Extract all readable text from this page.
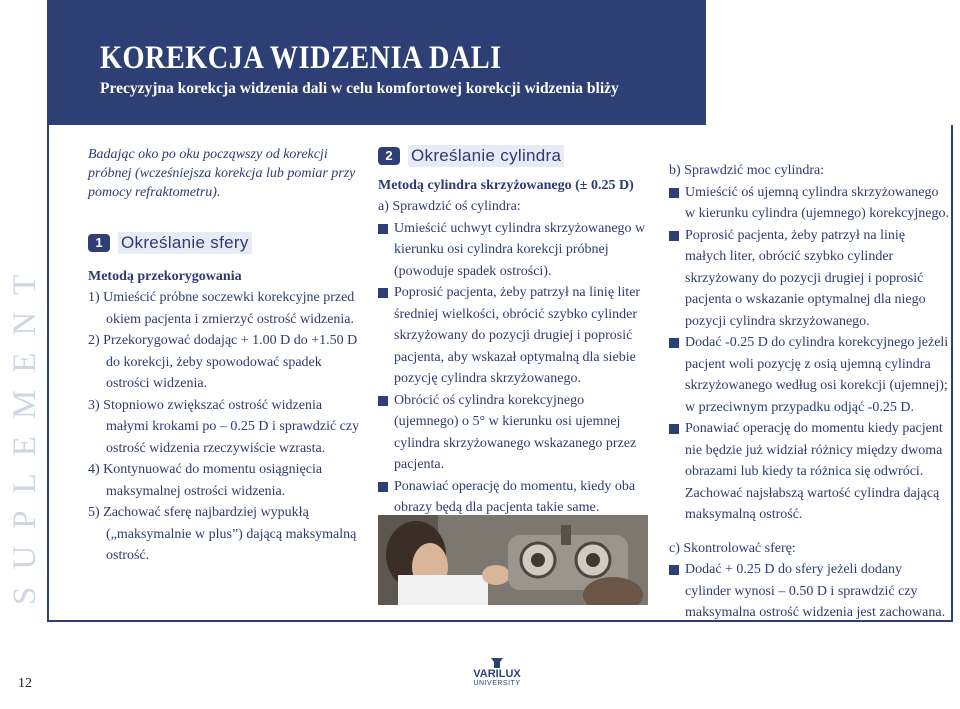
SUPLEMENT
KOREKCJA WIDZENIA DALI
Precyzyjna korekcja widzenia dali w celu komfortowej korekcji widzenia bliży

Badając oko po oku począwszy od korekcji próbnej (wcześniejsza korekcja lub pomiar przy pomocy refraktometru).

1	Określanie sfery

Metodą przekorygowania

1) Umieścić próbne soczewki korekcyjne przed okiem pacjenta i zmierzyć ostrość widzenia.

2) Przekorygować dodając + 1.00 D do +1.50 D do korekcji, żeby spowodować spadek ostrości widzenia.

3) Stopniowo zwiększać ostrość widzenia małymi krokami po – 0.25 D i sprawdzić czy ostrość widzenia rzeczywiście wzrasta.

4) Kontynuować do momentu osiągnięcia maksymalnej ostrości widzenia.

5) Zachować sferę najbardziej wypukłą („maksymalnie w plus”) dającą maksymalną ostrość.

2	Określanie cylindra

Metodą cylindra skrzyżowanego (± 0.25 D)

a) Sprawdzić oś cylindra:

Umieścić uchwyt cylindra skrzyżowanego w kierunku osi cylindra korekcji próbnej (powoduje spadek ostrości).

Poprosić pacjenta, żeby patrzył na linię liter średniej wielkości, obrócić szybko cylinder skrzyżowany do pozycji drugiej i poprosić pacjenta, aby wskazał optymalną dla siebie pozycję cylindra skrzyżowanego.

Obrócić oś cylindra korekcyjnego (ujemnego) o 5° w kierunku osi ujemnej cylindra skrzyżowanego wskazanego przez pacjenta.

Ponawiać operację do momentu, kiedy oba obrazy będą dla pacjenta takie same.

b) Sprawdzić moc cylindra:

Umieścić oś ujemną cylindra skrzyżowanego w kierunku cylindra (ujemnego) korekcyjnego.

Poprosić pacjenta, żeby patrzył na linię małych liter, obrócić szybko cylinder skrzyżowany do pozycji drugiej i poprosić pacjenta o wskazanie optymalnej dla niego pozycji cylindra skrzyżowanego.

Dodać -0.25 D do cylindra korekcyjnego jeżeli pacjent woli pozycję z osią ujemną cylindra skrzyżowanego według osi korekcji (ujemnej); w przeciwnym przypadku odjąć -0.25 D.

Ponawiać operację do momentu kiedy pacjent nie będzie już widział różnicy między dwoma obrazami lub kiedy ta różnica się odwróci. Zachować najsłabszą wartość cylindra dającą maksymalną ostrość.

c) Skontrolować sferę:

Dodać + 0.25 D do sfery jeżeli dodany cylinder wynosi – 0.50 D i sprawdzić czy maksymalna ostrość widzenia jest zachowana.

12
VARILUX
UNIVERSITY
